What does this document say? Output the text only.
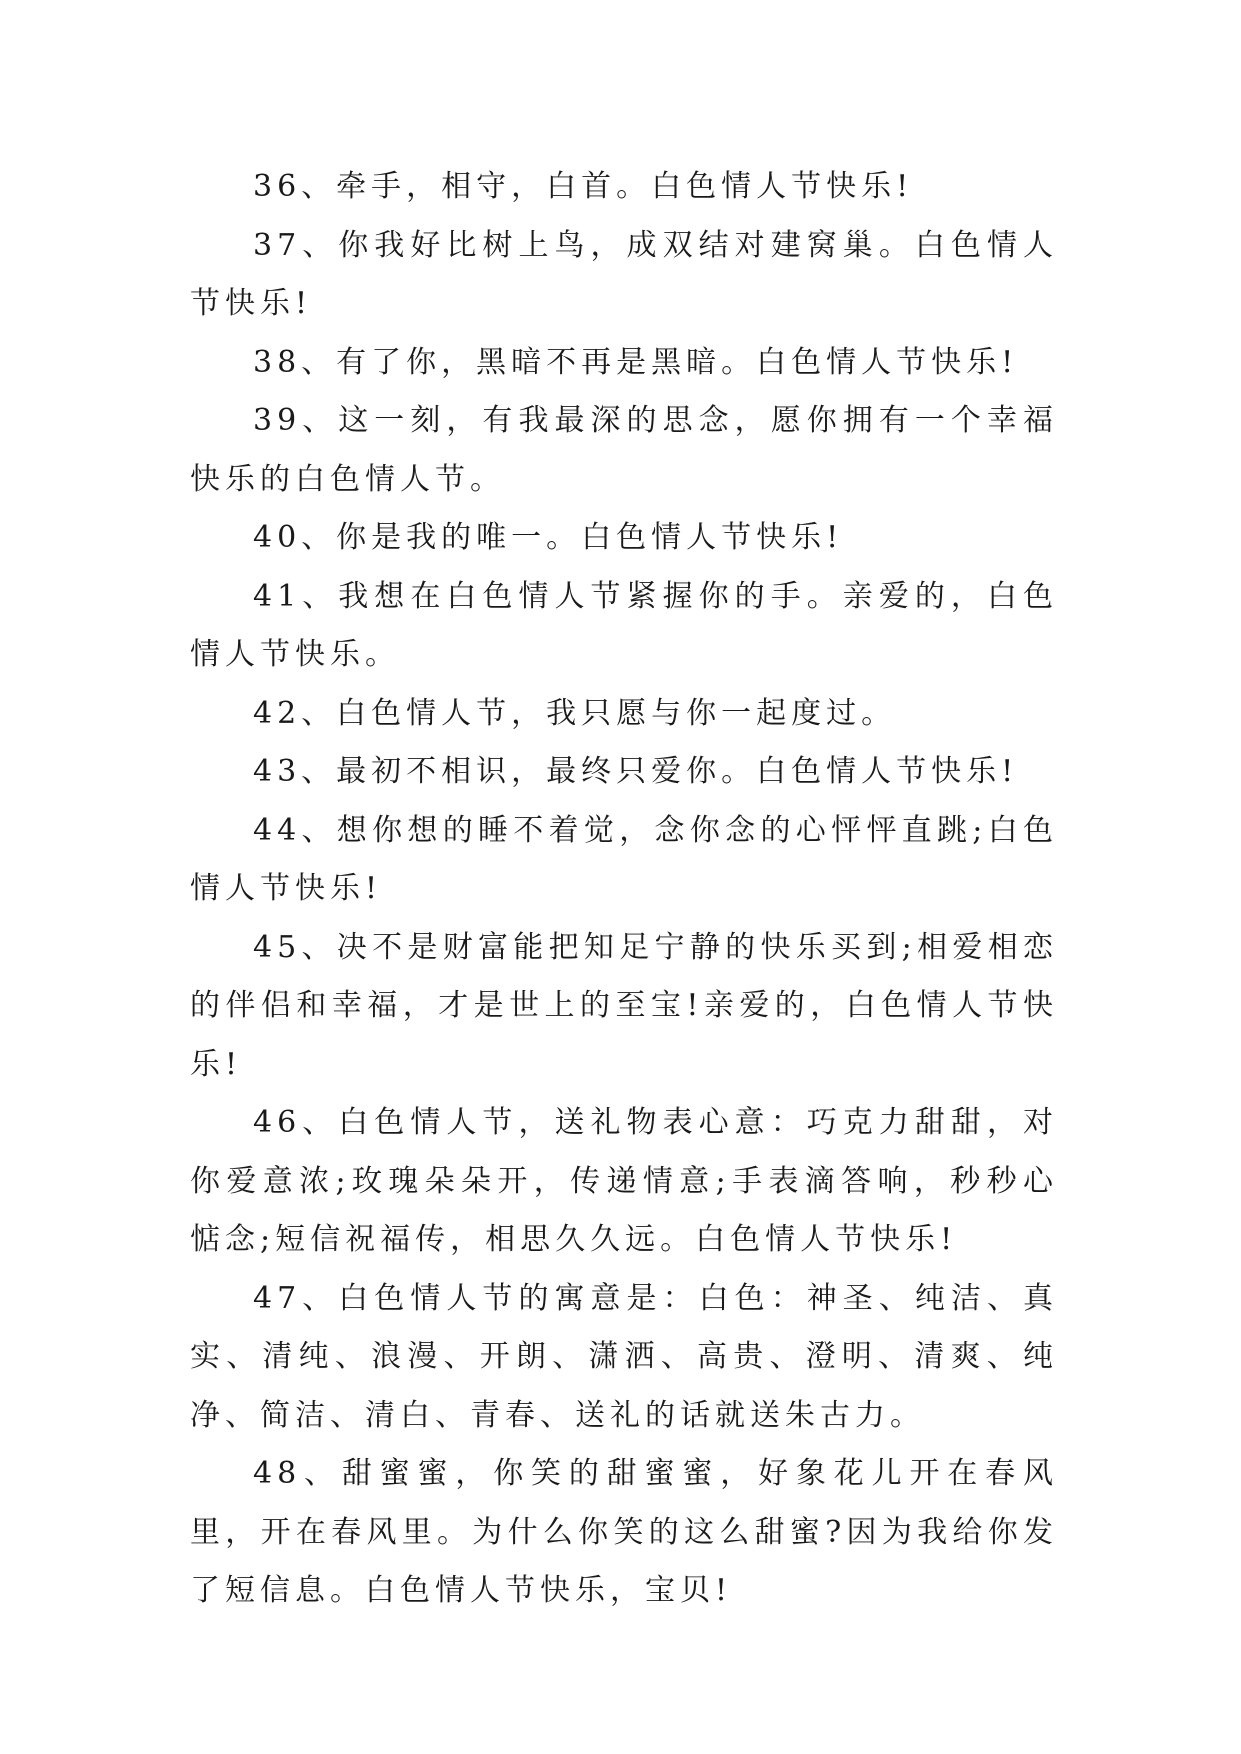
36、牵手，相守，白首。白色情人节快乐!

37、你我好比树上鸟，成双结对建窝巢。白色情人节快乐!

38、有了你，黑暗不再是黑暗。白色情人节快乐!

39、这一刻，有我最深的思念，愿你拥有一个幸福快乐的白色情人节。

40、你是我的唯一。白色情人节快乐!

41、我想在白色情人节紧握你的手。亲爱的，白色情人节快乐。

42、白色情人节，我只愿与你一起度过。

43、最初不相识，最终只爱你。白色情人节快乐!

44、想你想的睡不着觉，念你念的心怦怦直跳;白色情人节快乐!

45、决不是财富能把知足宁静的快乐买到;相爱相恋的伴侣和幸福，才是世上的至宝!亲爱的，白色情人节快乐!

46、白色情人节，送礼物表心意：巧克力甜甜，对你爱意浓;玫瑰朵朵开，传递情意;手表滴答响，秒秒心惦念;短信祝福传，相思久久远。白色情人节快乐!

47、白色情人节的寓意是：白色：神圣、纯洁、真实、清纯、浪漫、开朗、潇洒、高贵、澄明、清爽、纯净、简洁、清白、青春、送礼的话就送朱古力。

48、甜蜜蜜，你笑的甜蜜蜜，好象花儿开在春风里，开在春风里。为什么你笑的这么甜蜜?因为我给你发了短信息。白色情人节快乐，宝贝!
